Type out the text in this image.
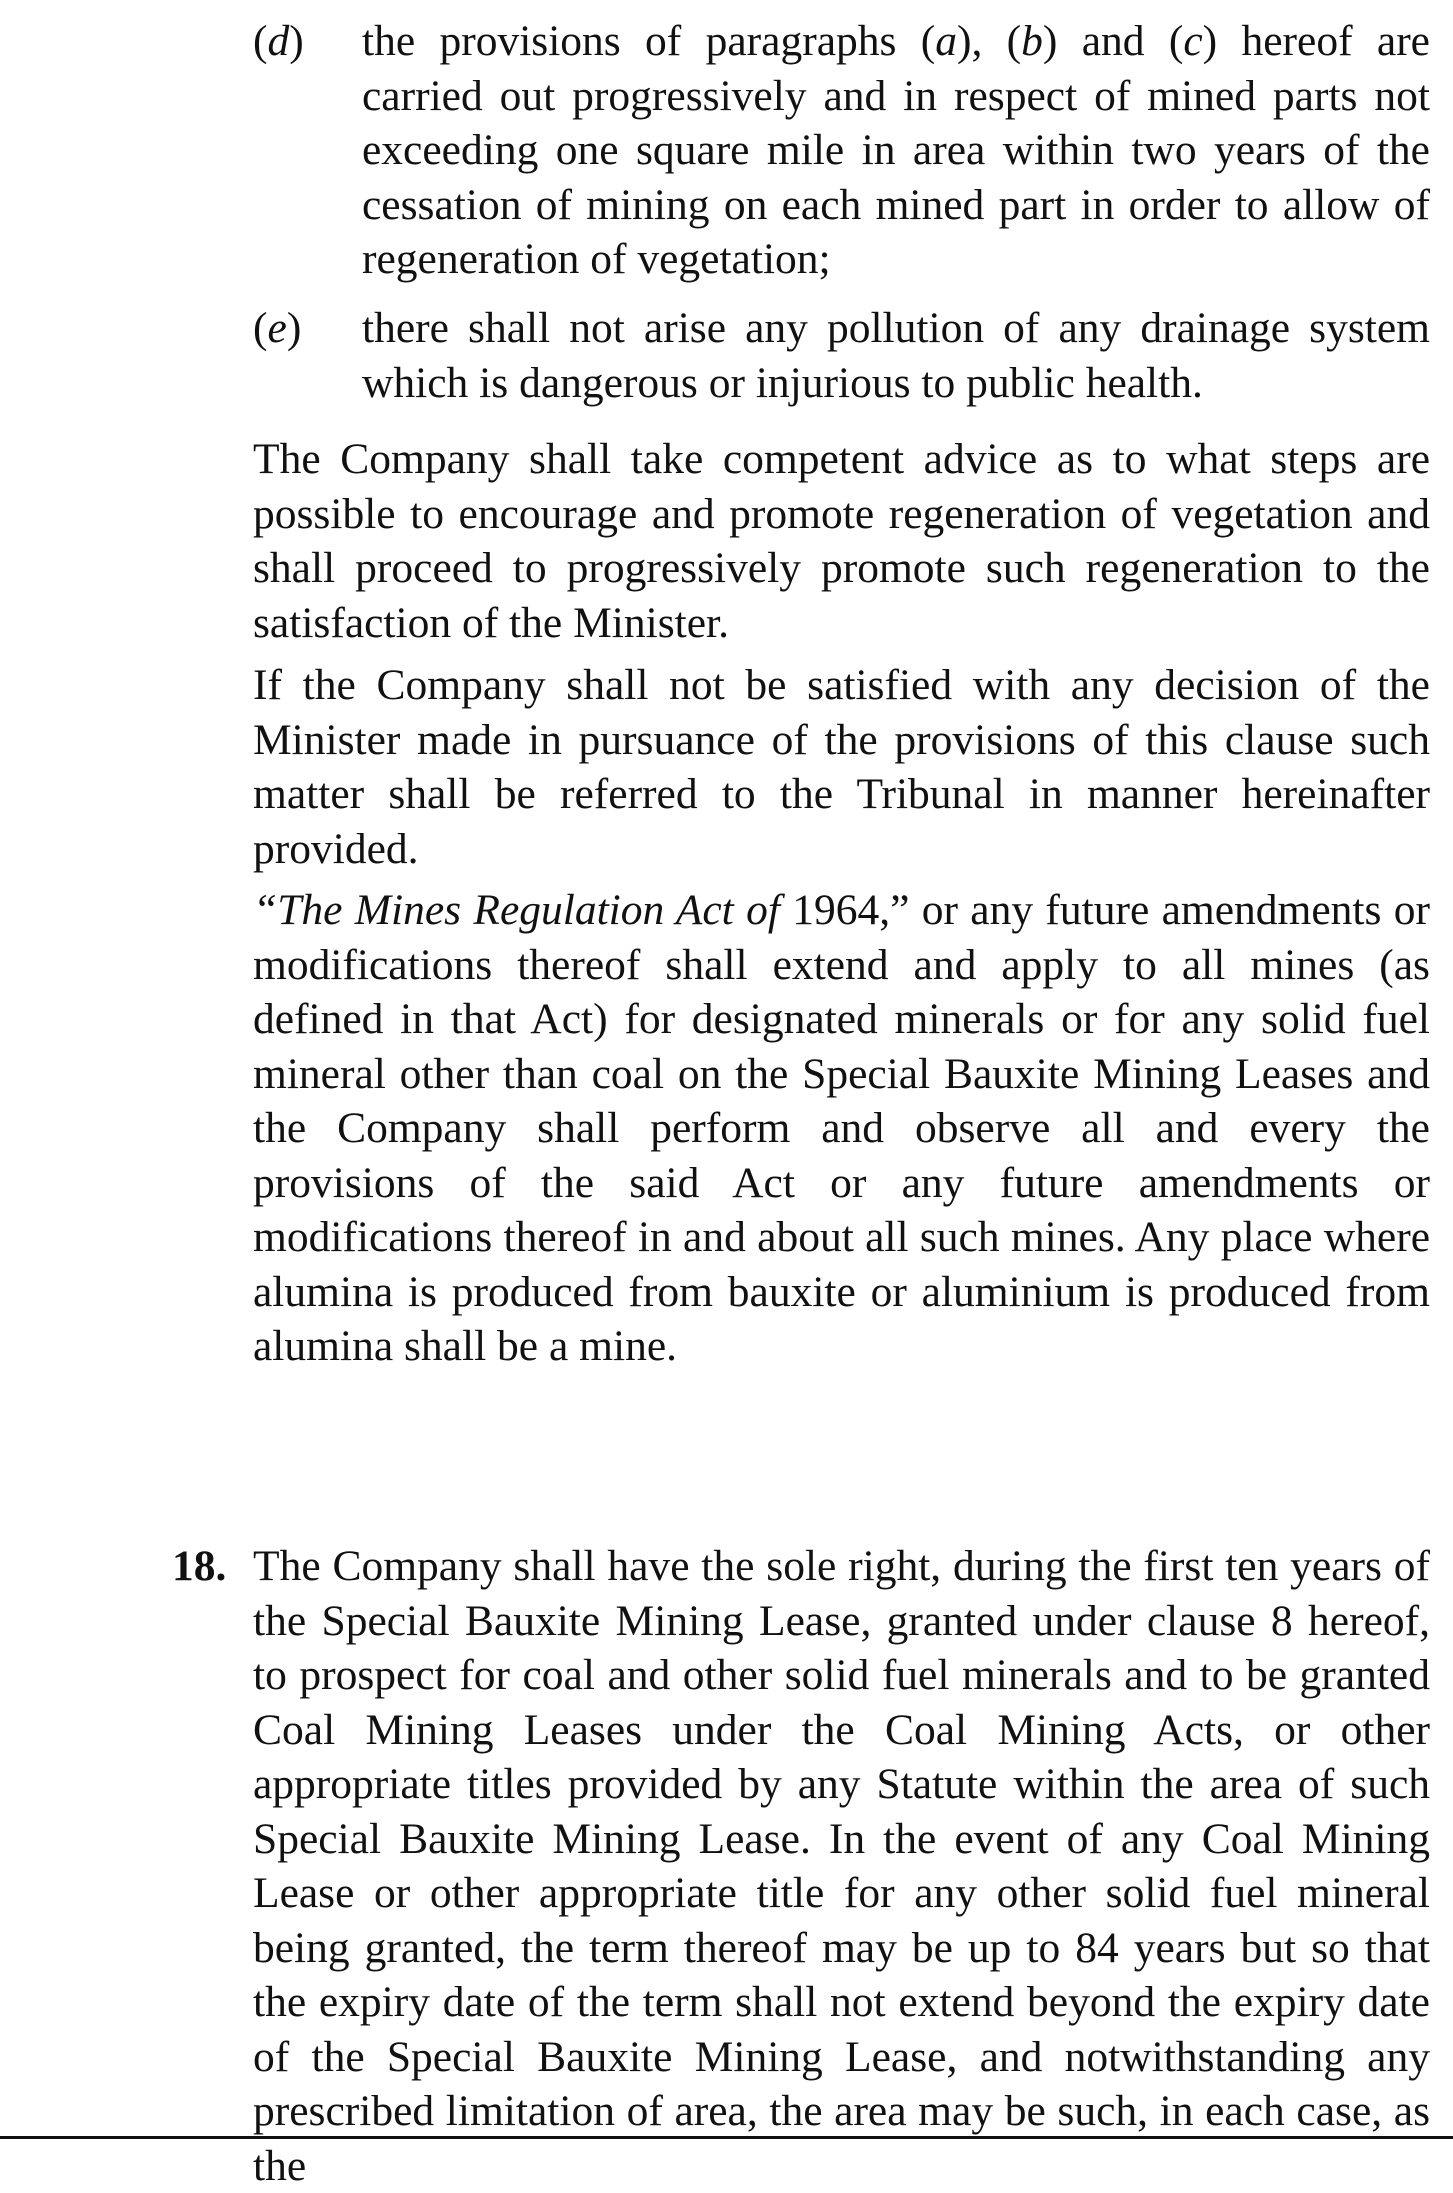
(d)	the provisions of paragraphs (a), (b) and (c) hereof are carried out progressively and in respect of mined parts not exceeding one square mile in area within two years of the cessation of mining on each mined part in order to allow of regeneration of vegetation;

(e)	there shall not arise any pollution of any drainage system which is dangerous or injurious to public health.

The Company shall take competent advice as to what steps are possible to encourage and promote regeneration of vegetation and shall proceed to progressively promote such regeneration to the satisfaction of the Minister.

If the Company shall not be satisfied with any decision of the Minister made in pursuance of the provisions of this clause such matter shall be referred to the Tribunal in manner hereinafter provided.

“The Mines Regulation Act of 1964,” or any future amendments or modifications thereof shall extend and apply to all mines (as defined in that Act) for designated minerals or for any solid fuel mineral other than coal on the Special Bauxite Mining Leases and the Company shall perform and observe all and every the provisions of the said Act or any future amendments or modifications thereof in and about all such mines. Any place where alumina is produced from bauxite or aluminium is produced from alumina shall be a mine.

18. The Company shall have the sole right, during the first ten years of the Special Bauxite Mining Lease, granted under clause 8 hereof, to prospect for coal and other solid fuel minerals and to be granted Coal Mining Leases under the Coal Mining Acts, or other appropriate titles provided by any Statute within the area of such Special Bauxite Mining Lease. In the event of any Coal Mining Lease or other appropriate title for any other solid fuel mineral being granted, the term thereof may be up to 84 years but so that the expiry date of the term shall not extend beyond the expiry date of the Special Bauxite Mining Lease, and notwithstanding any prescribed limitation of area, the area may be such, in each case, as the
